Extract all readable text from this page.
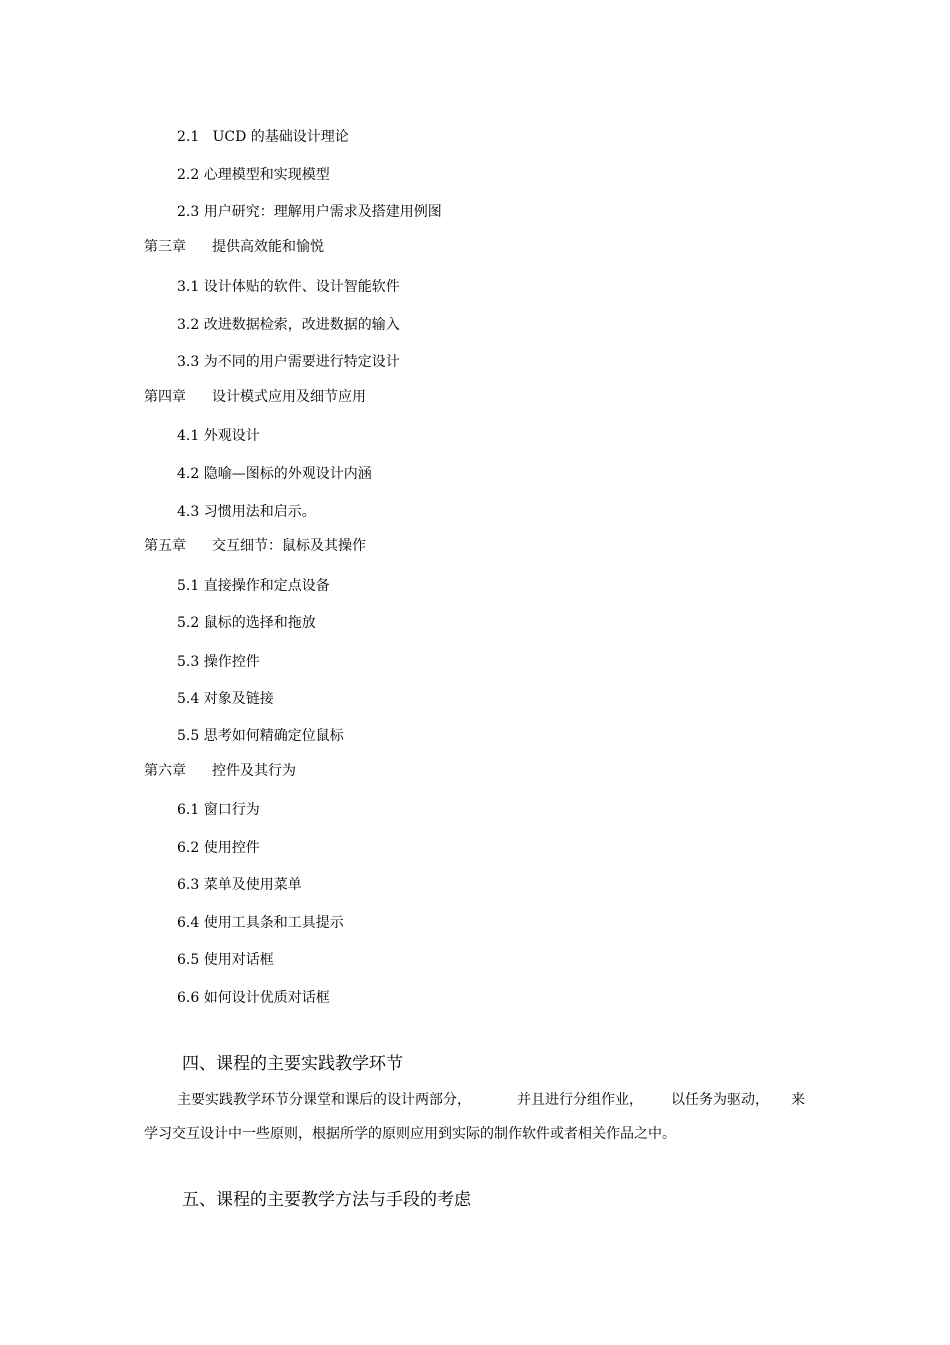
2.1   UCD 的基础设计理论
2.2 心理模型和实现模型
2.3 用户研究：理解用户需求及搭建用例图
第三章 提供高效能和愉悦
3.1 设计体贴的软件、设计智能软件
3.2 改进数据检索，改进数据的输入
3.3 为不同的用户需要进行特定设计
第四章 设计模式应用及细节应用
4.1 外观设计
4.2 隐喻—图标的外观设计内涵
4.3 习惯用法和启示。
第五章 交互细节：鼠标及其操作
5.1 直接操作和定点设备
5.2 鼠标的选择和拖放
5.3 操作控件
5.4 对象及链接
5.5 思考如何精确定位鼠标
第六章 控件及其行为
6.1 窗口行为
6.2 使用控件
6.3 菜单及使用菜单
6.4 使用工具条和工具提示
6.5 使用对话框
6.6 如何设计优质对话框
四、课程的主要实践教学环节
主要实践教学环节分课堂和课后的设计两部分，	并且进行分组作业， 以任务为驱动， 来
学习交互设计中一些原则，根据所学的原则应用到实际的制作软件或者相关作品之中。
五、课程的主要教学方法与手段的考虑
